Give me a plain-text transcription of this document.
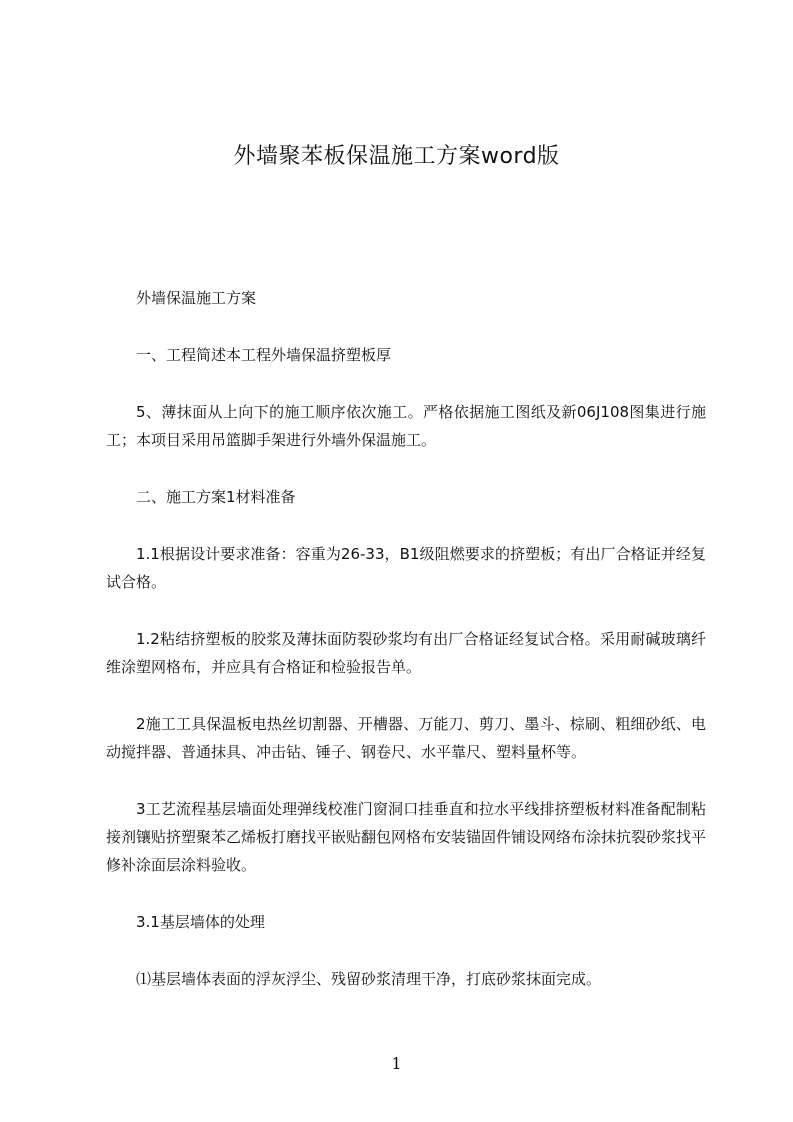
外墙聚苯板保温施工方案word版

外墙保温施工方案

一、工程简述本工程外墙保温挤塑板厚

5、薄抹面从上向下的施工顺序依次施工。严格依据施工图纸及新06J108图集进行施工；本项目采用吊篮脚手架进行外墙外保温施工。

二、施工方案1材料准备

1.1根据设计要求准备：容重为26-33，B1级阻燃要求的挤塑板；有出厂合格证并经复试合格。

1.2粘结挤塑板的胶浆及薄抹面防裂砂浆均有出厂合格证经复试合格。采用耐碱玻璃纤维涂塑网格布，并应具有合格证和检验报告单。

2施工工具保温板电热丝切割器、开槽器、万能刀、剪刀、墨斗、棕刷、粗细砂纸、电动搅拌器、普通抹具、冲击钻、锤子、钢卷尺、水平靠尺、塑料量杯等。

3工艺流程基层墙面处理弹线校准门窗洞口挂垂直和拉水平线排挤塑板材料准备配制粘接剂镶贴挤塑聚苯乙烯板打磨找平嵌贴翻包网格布安装锚固件铺设网络布涂抹抗裂砂浆找平修补涂面层涂料验收。

3.1基层墙体的处理

⑴基层墙体表面的浮灰浮尘、残留砂浆清理干净，打底砂浆抹面完成。

1
